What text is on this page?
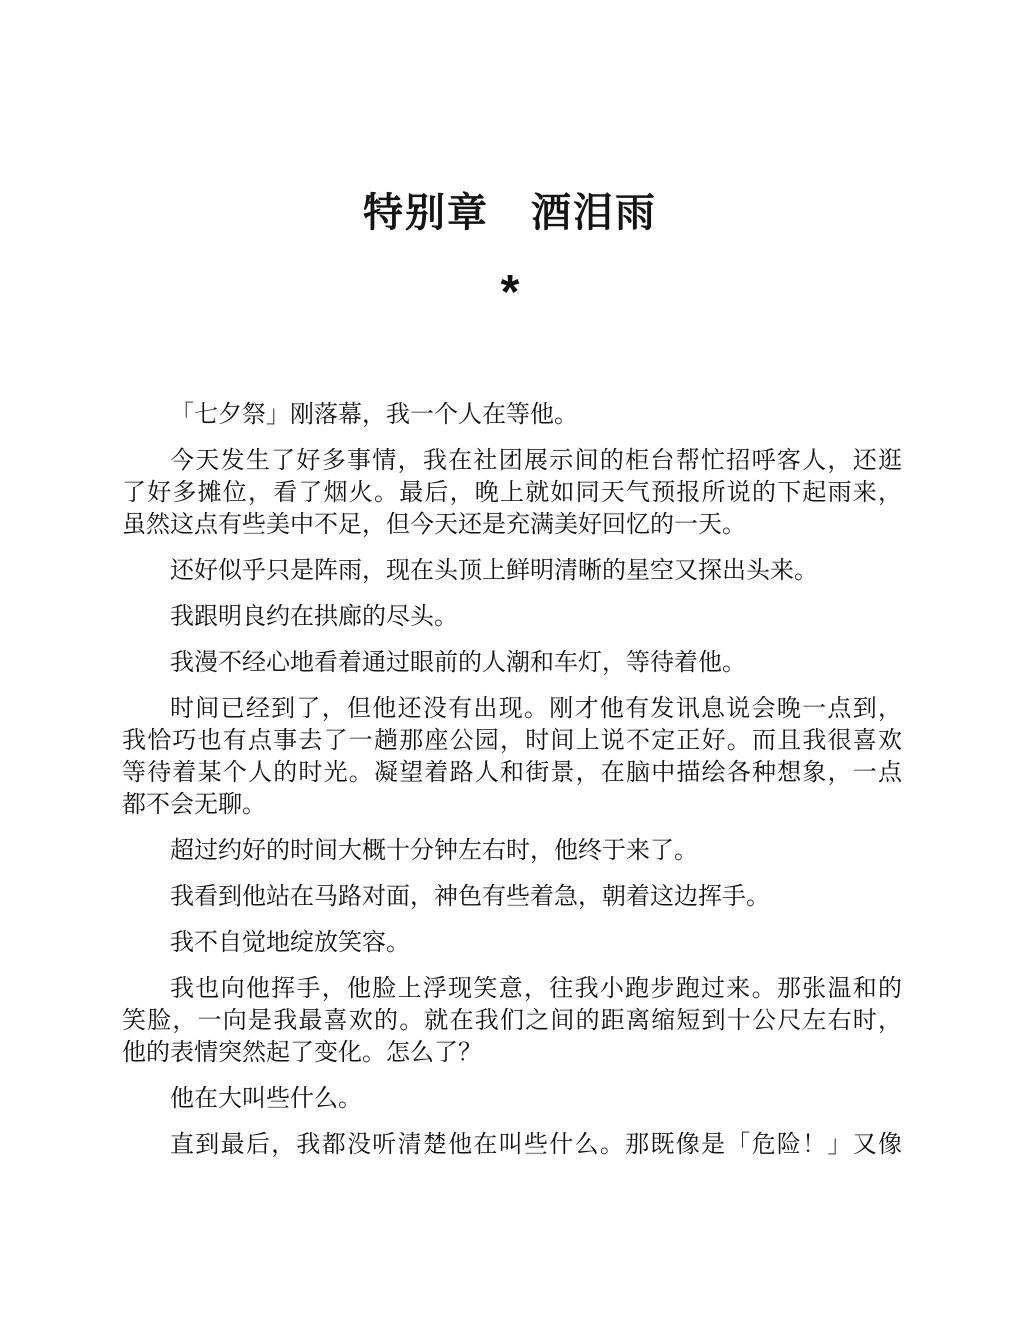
特别章　酒泪雨
*

「七夕祭」刚落幕，我一个人在等他。

今天发生了好多事情，我在社团展示间的柜台帮忙招呼客人，还逛
了好多摊位，看了烟火。最后，晚上就如同天气预报所说的下起雨来，
虽然这点有些美中不足，但今天还是充满美好回忆的一天。

还好似乎只是阵雨，现在头顶上鲜明清晰的星空又探出头来。

我跟明良约在拱廊的尽头。

我漫不经心地看着通过眼前的人潮和车灯，等待着他。

时间已经到了，但他还没有出现。刚才他有发讯息说会晚一点到，
我恰巧也有点事去了一趟那座公园，时间上说不定正好。而且我很喜欢
等待着某个人的时光。凝望着路人和街景，在脑中描绘各种想象，一点
都不会无聊。

超过约好的时间大概十分钟左右时，他终于来了。

我看到他站在马路对面，神色有些着急，朝着这边挥手。

我不自觉地绽放笑容。

我也向他挥手，他脸上浮现笑意，往我小跑步跑过来。那张温和的
笑脸，一向是我最喜欢的。就在我们之间的距离缩短到十公尺左右时，
他的表情突然起了变化。怎么了？

他在大叫些什么。

直到最后，我都没听清楚他在叫些什么。那既像是「危险！」又像
